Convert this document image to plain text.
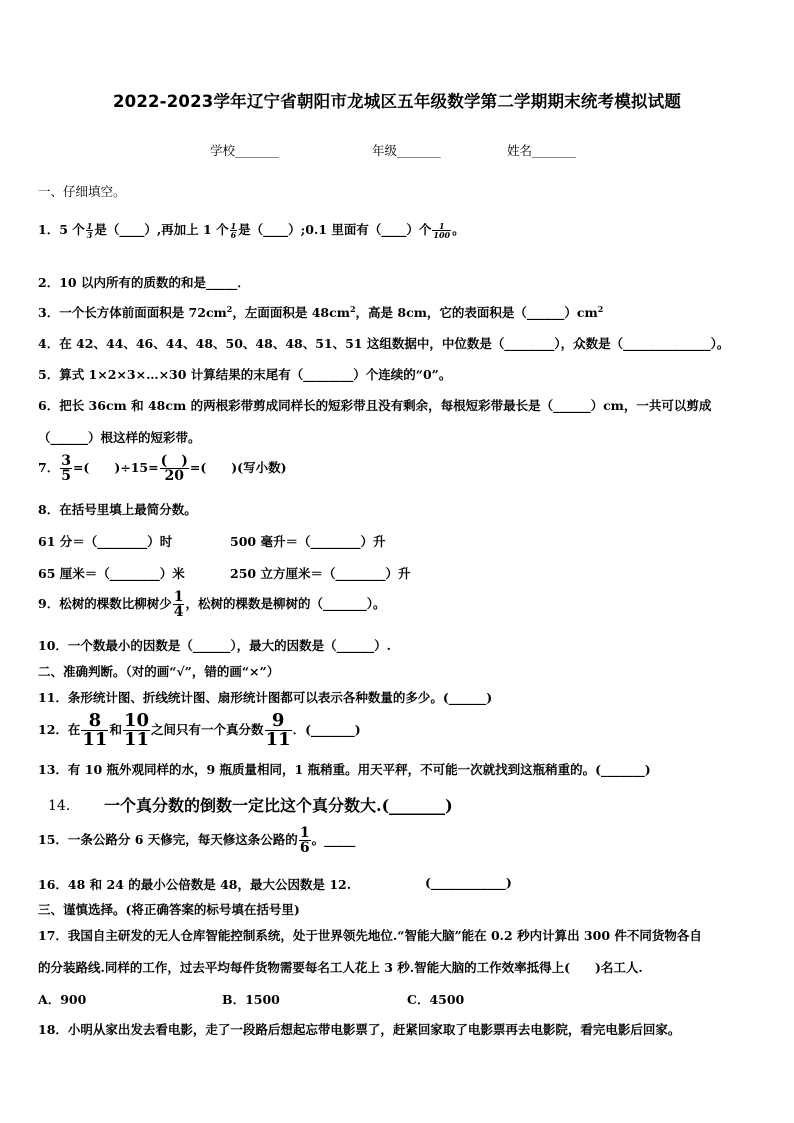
2022-2023学年辽宁省朝阳市龙城区五年级数学第二学期期末统考模拟试题
学校_______	年级_______	姓名_______
一、仔细填空。
1．5 个 $\frac{1}{3}$ 是（____）,再加上 1 个 $\frac{1}{6}$ 是（____）;0.1 里面有（____）个 $\frac{1}{100}$ 。
2．10 以内所有的质数的和是_____．
3．一个长方体前面面积是 $72cm^2$，左面面积是 $48cm^2$，高是 8cm，它的表面积是$(\_\_\_\_\_\_)cm^2$
4．在 42、44、46、44、48、50、48、48、51、51 这组数据中，中位数是（________），众数是（______________）。
5．算式 1×2×3×…×30 计算结果的末尾有（________）个连续的“0”。
6．把长 36cm 和 48cm 的两根彩带剪成同样长的短彩带且没有剩余，每根短彩带最长是（______）cm，一共可以剪成
（______）根这样的短彩带。
7． $\frac{3}{5}$ =(　　)$\div 15= \frac{( )}{20}$ =(　　)(写小数)
8．在括号里填上最简分数。
61 分＝（________）时	500 毫升＝（________）升
65 厘米＝（________）米	250 立方厘米＝（________）升
9．松树的棵数比柳树少 $\frac{1}{4}$ ，松树的棵数是柳树的（_______）。
10．一个数最小的因数是（______），最大的因数是（______）.
二、准确判断。（对的画“√”，错的画“×”）
11．条形统计图、折线统计图、扇形统计图都可以表示各种数量的多少。(______)
12．在 $\frac{8}{11}$ 和 $\frac{10}{11}$ 之间只有一个真分数 $\frac{9}{11}$ ．(_______)
13．有 10 瓶外观同样的水，9 瓶质量相同，1 瓶稍重。用天平秤，不可能一次就找到这瓶稍重的。(_______)
14． 一个真分数的倒数一定比这个真分数大.(_______)
15．一条公路分 6 天修完，每天修这条公路的 $\frac{1}{6}$ 。_____
16．48 和 24 的最小公倍数是 48，最大公因数是 12.	(____________)
三、谨慎选择。(将正确答案的标号填在括号里)
17．我国自主研发的无人仓库智能控制系统，处于世界领先地位.“智能大脑”能在 0.2 秒内计算出 300 件不同货物各自
的分装路线.同样的工作，过去平均每件货物需要每名工人花上 3 秒.智能大脑的工作效率抵得上(　　)名工人.
A．900	B．1500	C．4500
18．小明从家出发去看电影，走了一段路后想起忘带电影票了，赶紧回家取了电影票再去电影院，看完电影后回家。
